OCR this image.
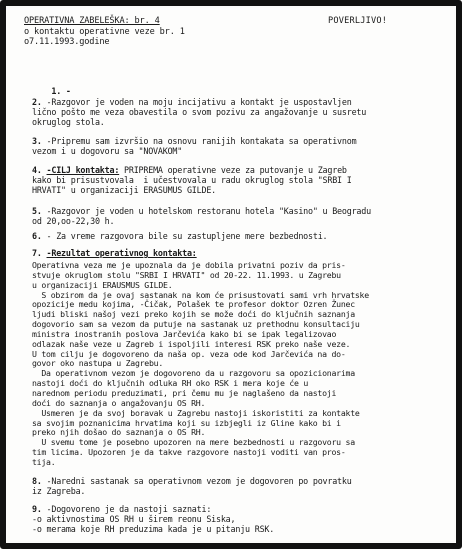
OPERATIVNA ZABELEŠKA: br. 4
o kontaktu operativne veze br. 1
o7.11.1993.godine
POVERLJIVO!

1. -

2. -Razgovor je voden na moju incijativu a kontakt je uspostavljen
lično pošto me veza obavestila o svom pozivu za angažovanje u susretu
okruglog stola.
3. -Pripremu sam izvršio na osnovu ranijih kontakata sa operativnom
vezom i u dogovoru sa "NOVAKOM"
4. -CILJ kontakta: PRIPREMA operativne veze za putovanje u Zagreb
kako bi prisustvovala  i učestvovala u radu okruglog stola "SRBI I
HRVATI" u organizaciji ERASUMUS GILDE.
5. -Razgovor je voden u hotelskom restoranu hotela "Kasino" u Beogradu
od 20,oo-22,30 h.
6. - Za vreme razgovora bile su zastupljene mere bezbednosti.
7. -Rezultat operativnog kontakta:
Operativna veza me je upoznala da je dobila privatni poziv da pris-
stvuje okruglom stolu "SRBI I HRVATI" od 20-22. 11.1993. u Zagrebu
u organizaciji ERAUSMUS GILDE.
S obzirom da je ovaj sastanak na kom će prisustovati sami vrh hrvatske
opozicije medu kojima, -Čičak, Polašek te profesor doktor Ozren Žunec
ljudi bliski našoj vezi preko kojih se može doći do ključnih saznanja
dogovorio sam sa vezom da putuje na sastanak uz prethodnu konsultaciju
ministra inostranih poslova Jarčevića kako bi se ipak legalizovao
odlazak naše veze u Zagreb i ispoljili interesi RSK preko naše veze.
U tom cilju je dogovoreno da naša op. veza ode kod Jarčevića na do-
govor oko nastupa u Zagrebu.
Da operativnom vezom je dogovoreno da u razgovoru sa opozicionarima
nastoji doći do ključnih odluka RH oko RSK i mera koje će u
narednom periodu preduzimati, pri čemu mu je naglašeno da nastoji
doći do saznanja o angažovanju OS RH.
Usmeren je da svoj boravak u Zagrebu nastoji iskoristiti za kontakte
sa svojim poznanicima hrvatima koji su izbjegli iz Gline kako bi i
preko njih došao do saznanja o OS RH.
U svemu tome je posebno upozoren na mere bezbednosti u razgovoru sa
tim licima. Upozoren je da takve razgovore nastoji voditi van pros-
tija.
8. -Naredni sastanak sa operativnom vezom je dogovoren po povratku
iz Zagreba.
9. -Dogovoreno je da nastoji saznati:
-o aktivnostima OS RH u širem reonu Siska,
-o merama koje RH preduzima kada je u pitanju RSK.
